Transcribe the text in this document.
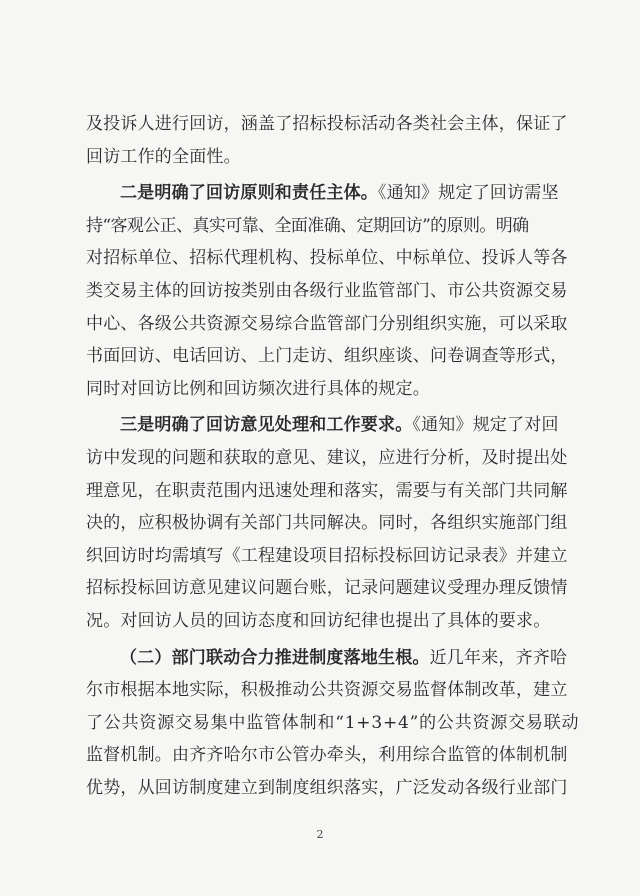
及投诉人进行回访，涵盖了招标投标活动各类社会主体，保证了
回访工作的全面性。
二是明确了回访原则和责任主体。《通知》规定了回访需坚
持“客观公正、真实可靠、全面准确、定期回访”的原则。明确
对招标单位、招标代理机构、投标单位、中标单位、投诉人等各
类交易主体的回访按类别由各级行业监管部门、市公共资源交易
中心、各级公共资源交易综合监管部门分别组织实施，可以采取
书面回访、电话回访、上门走访、组织座谈、问卷调查等形式，
同时对回访比例和回访频次进行具体的规定。
三是明确了回访意见处理和工作要求。《通知》规定了对回
访中发现的问题和获取的意见、建议，应进行分析，及时提出处
理意见，在职责范围内迅速处理和落实，需要与有关部门共同解
决的，应积极协调有关部门共同解决。同时，各组织实施部门组
织回访时均需填写《工程建设项目招标投标回访记录表》并建立
招标投标回访意见建议问题台账，记录问题建议受理办理反馈情
况。对回访人员的回访态度和回访纪律也提出了具体的要求。
（二）部门联动合力推进制度落地生根。近几年来，齐齐哈
尔市根据本地实际，积极推动公共资源交易监督体制改革，建立
了公共资源交易集中监管体制和“1+3+4”的公共资源交易联动
监督机制。由齐齐哈尔市公管办牵头，利用综合监管的体制机制
优势，从回访制度建立到制度组织落实，广泛发动各级行业部门
2
